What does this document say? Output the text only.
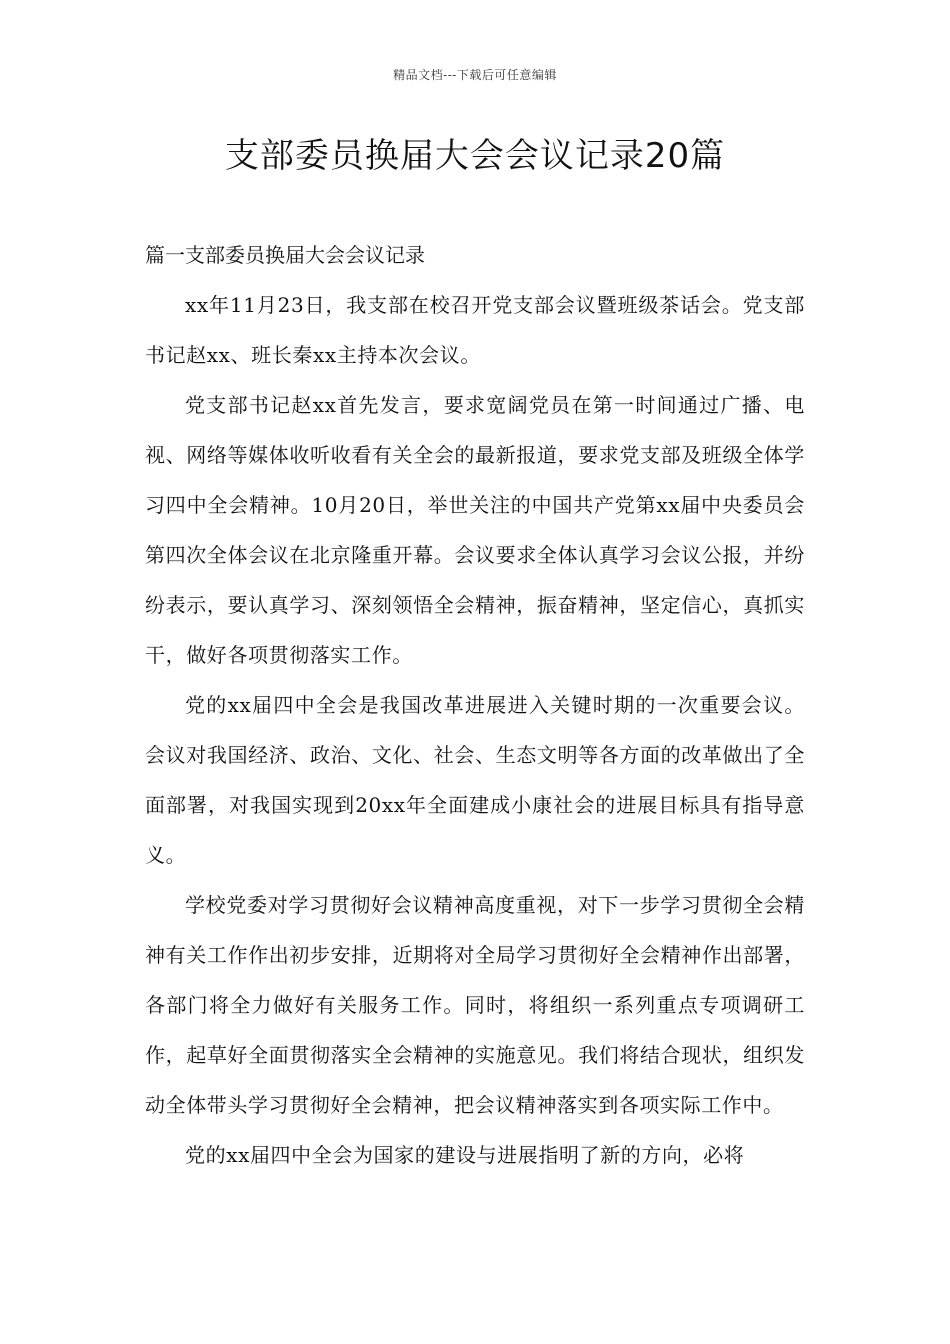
精品文档---下载后可任意编辑
支部委员换届大会会议记录20篇

篇一支部委员换届大会会议记录

xx年11月23日，我支部在校召开党支部会议暨班级茶话会。党支部书记赵xx、班长秦xx主持本次会议。

党支部书记赵xx首先发言，要求宽阔党员在第一时间通过广播、电视、网络等媒体收听收看有关全会的最新报道，要求党支部及班级全体学习四中全会精神。10月20日，举世关注的中国共产党第xx届中央委员会第四次全体会议在北京隆重开幕。会议要求全体认真学习会议公报，并纷纷表示，要认真学习、深刻领悟全会精神，振奋精神，坚定信心，真抓实干，做好各项贯彻落实工作。

党的xx届四中全会是我国改革进展进入关键时期的一次重要会议。会议对我国经济、政治、文化、社会、生态文明等各方面的改革做出了全面部署，对我国实现到20xx年全面建成小康社会的进展目标具有指导意义。

学校党委对学习贯彻好会议精神高度重视，对下一步学习贯彻全会精神有关工作作出初步安排，近期将对全局学习贯彻好全会精神作出部署，各部门将全力做好有关服务工作。同时，将组织一系列重点专项调研工作，起草好全面贯彻落实全会精神的实施意见。我们将结合现状，组织发动全体带头学习贯彻好全会精神，把会议精神落实到各项实际工作中。

党的xx届四中全会为国家的建设与进展指明了新的方向，必将
